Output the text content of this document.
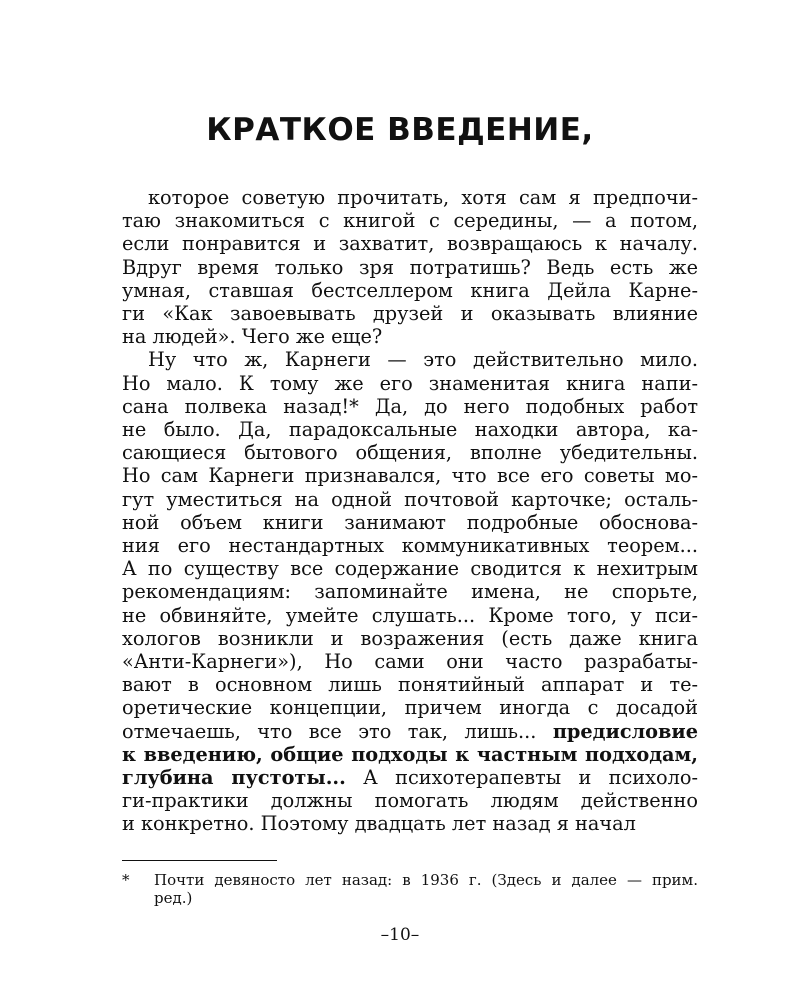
КРАТКОЕ ВВЕДЕНИЕ,
которое советую прочитать, хотя сам я предпочи-
таю знакомиться с книгой с середины, — а потом,
если понравится и захватит, возвращаюсь к началу.
Вдруг время только зря потратишь? Ведь есть же
умная, ставшая бестселлером книга Дейла Карне-
ги «Как завоевывать друзей и оказывать влияние
на людей». Чего же еще?
Ну что ж, Карнеги — это действительно мило.
Но мало. К тому же его знаменитая книга напи-
сана полвека назад!* Да, до него подобных работ
не было. Да, парадоксальные находки автора, ка-
сающиеся бытового общения, вполне убедительны.
Но сам Карнеги признавался, что все его советы мо-
гут уместиться на одной почтовой карточке; осталь-
ной объем книги занимают подробные обоснова-
ния его нестандартных коммуникативных теорем...
А по существу все содержание сводится к нехитрым
рекомендациям: запоминайте имена, не спорьте,
не обвиняйте, умейте слушать... Кроме того, у пси-
хологов возникли и возражения (есть даже книга
«Анти-Карнеги»), Но сами они часто разрабаты-
вают в основном лишь понятийный аппарат и те-
оретические концепции, причем иногда с досадой
отмечаешь, что все это так, лишь... предисловие
к введению, общие подходы к частным подходам,
глубина пустоты... А психотерапевты и психоло-
ги-практики должны помогать людям действенно
и конкретно. Поэтому двадцать лет назад я начал
* Почти девяносто лет назад: в 1936 г. (Здесь и далее — прим.
ред.)
–10–
